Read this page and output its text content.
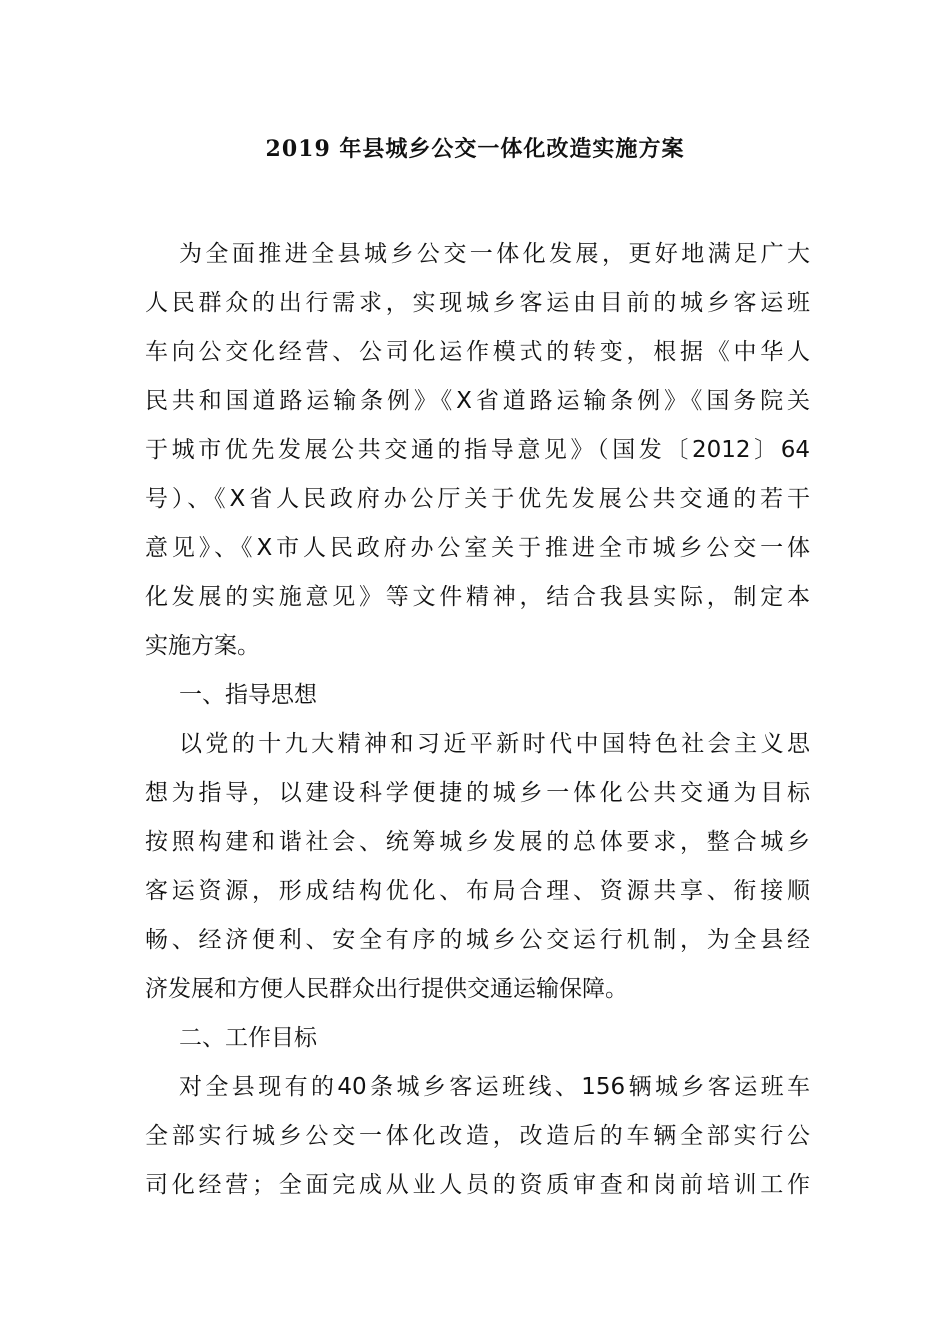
2019 年县城乡公交一体化改造实施方案
为全面推进全县城乡公交一体化发展，更好地满足广大
人民群众的出行需求，实现城乡客运由目前的城乡客运班
车向公交化经营、公司化运作模式的转变，根据《中华人
民共和国道路运输条例》《X省道路运输条例》《国务院关
于城市优先发展公共交通的指导意见》（国发〔2012〕64
号）、《X省人民政府办公厅关于优先发展公共交通的若干
意见》、《X市人民政府办公室关于推进全市城乡公交一体
化发展的实施意见》等文件精神，结合我县实际，制定本
实施方案。
一、指导思想
以党的十九大精神和习近平新时代中国特色社会主义思
想为指导，以建设科学便捷的城乡一体化公共交通为目标
按照构建和谐社会、统筹城乡发展的总体要求，整合城乡
客运资源，形成结构优化、布局合理、资源共享、衔接顺
畅、经济便利、安全有序的城乡公交运行机制，为全县经
济发展和方便人民群众出行提供交通运输保障。
二、工作目标
对全县现有的40条城乡客运班线、156辆城乡客运班车
全部实行城乡公交一体化改造，改造后的车辆全部实行公
司化经营；全面完成从业人员的资质审查和岗前培训工作
